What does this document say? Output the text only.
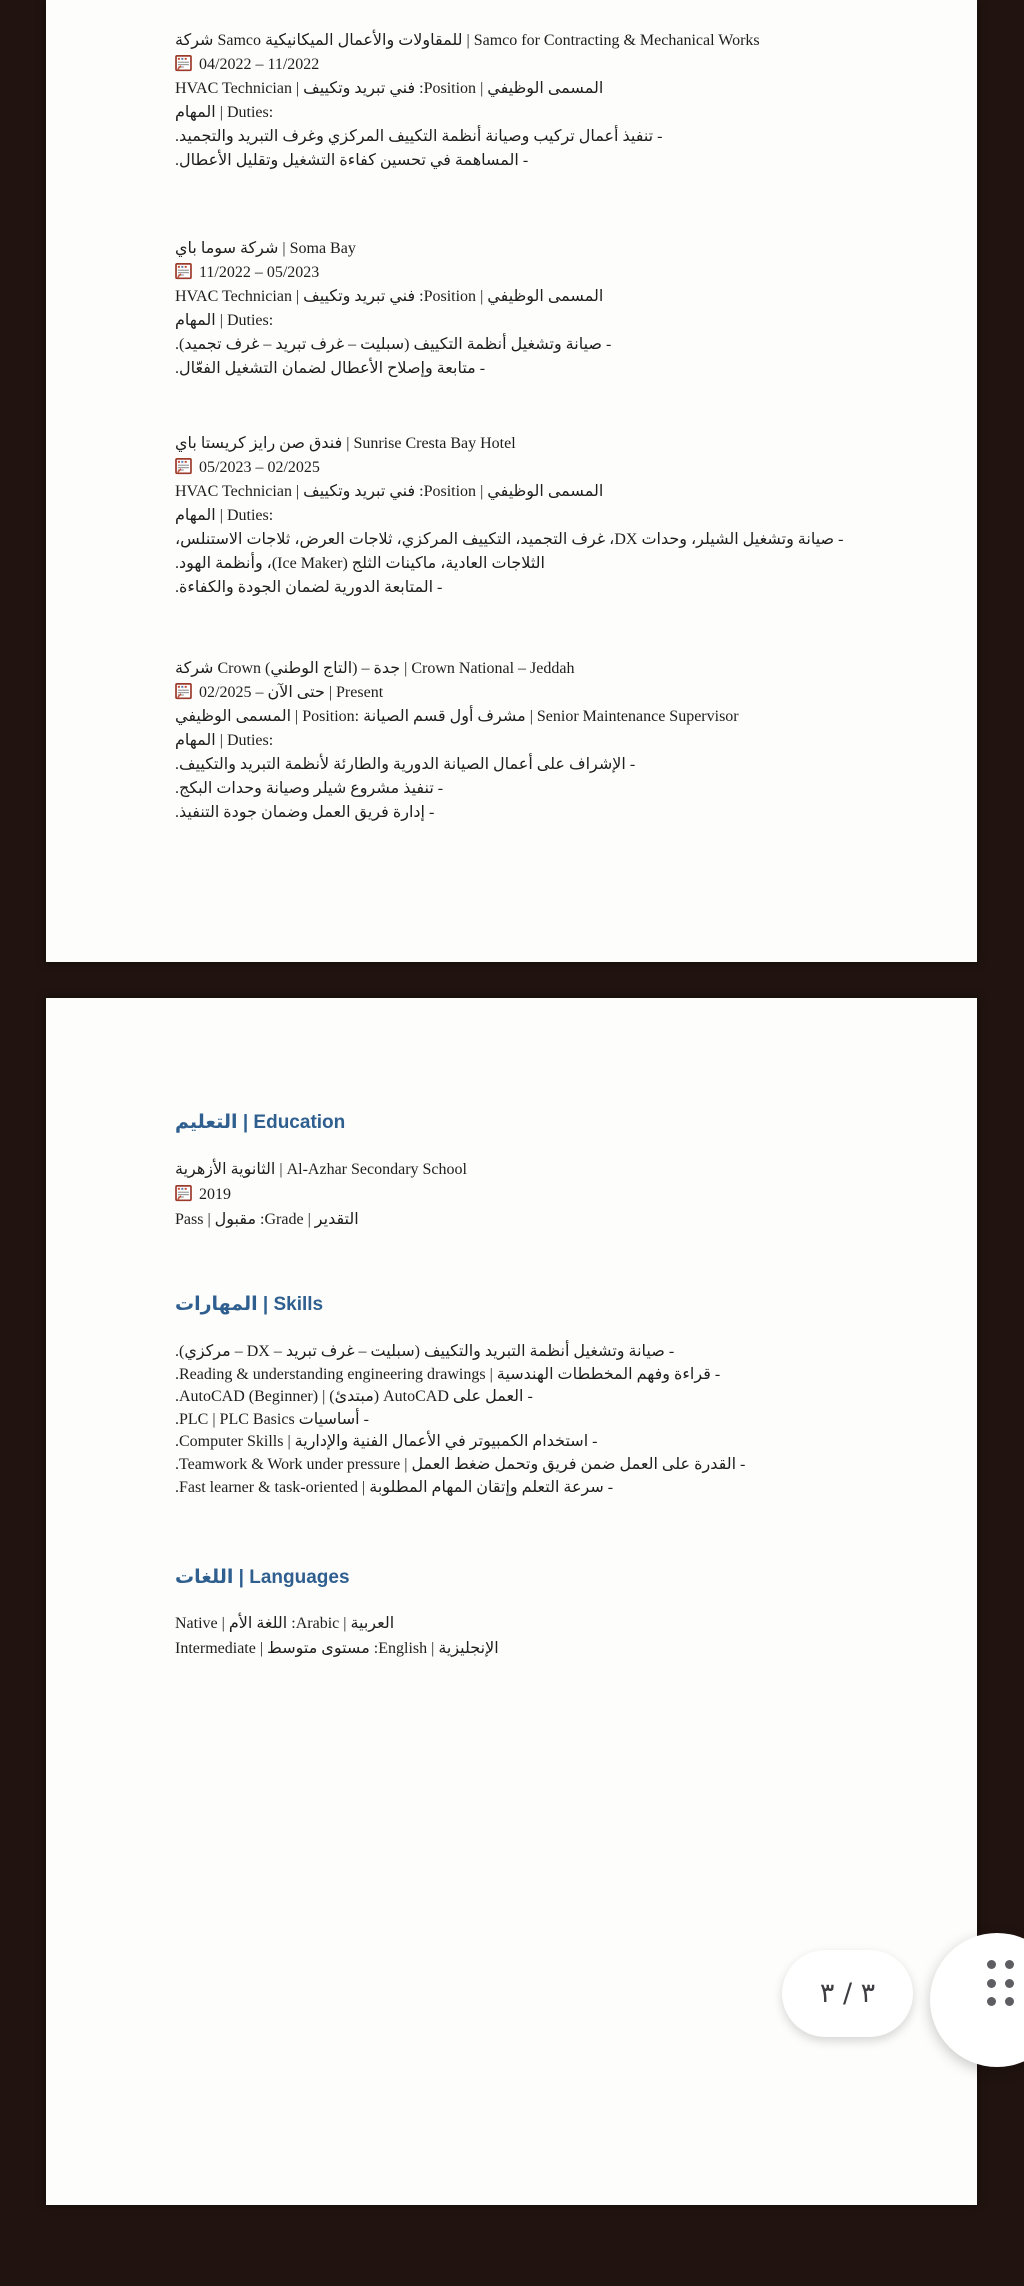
شركة Samco للمقاولات والأعمال الميكانيكية | Samco for Contracting & Mechanical Works
04/2022 – 11/2022
المسمى الوظيفي | Position: فني تبريد وتكييف | HVAC Technician
المهام | Duties:
- تنفيذ أعمال تركيب وصيانة أنظمة التكييف المركزي وغرف التبريد والتجميد.
- المساهمة في تحسين كفاءة التشغيل وتقليل الأعطال.
شركة سوما باي | Soma Bay
11/2022 – 05/2023
المسمى الوظيفي | Position: فني تبريد وتكييف | HVAC Technician
المهام | Duties:
- صيانة وتشغيل أنظمة التكييف (سبليت – غرف تبريد – غرف تجميد).
- متابعة وإصلاح الأعطال لضمان التشغيل الفعّال.
فندق صن رايز كريستا باي | Sunrise Cresta Bay Hotel
05/2023 – 02/2025
المسمى الوظيفي | Position: فني تبريد وتكييف | HVAC Technician
المهام | Duties:
- صيانة وتشغيل الشيلر، وحدات DX، غرف التجميد، التكييف المركزي، ثلاجات العرض، ثلاجات الاستنلس، الثلاجات العادية، ماكينات الثلج (Ice Maker)، وأنظمة الهود.
- المتابعة الدورية لضمان الجودة والكفاءة.
شركة Crown (التاج الوطني) – جدة | Crown National – Jeddah
02/2025 – حتى الآن | Present
المسمى الوظيفي | Position: مشرف أول قسم الصيانة | Senior Maintenance Supervisor
المهام | Duties:
- الإشراف على أعمال الصيانة الدورية والطارئة لأنظمة التبريد والتكييف.
- تنفيذ مشروع شيلر وصيانة وحدات البكج.
- إدارة فريق العمل وضمان جودة التنفيذ.
التعليم | Education
الثانوية الأزهرية | Al-Azhar Secondary School
2019
التقدير | Grade: مقبول | Pass
المهارات | Skills
- صيانة وتشغيل أنظمة التبريد والتكييف (سبليت – غرف تبريد – DX – مركزي).
- قراءة وفهم المخططات الهندسية | Reading & understanding engineering drawings.
- العمل على AutoCAD (مبتدئ) | AutoCAD (Beginner).
- أساسيات PLC | PLC Basics.
- استخدام الكمبيوتر في الأعمال الفنية والإدارية | Computer Skills.
- القدرة على العمل ضمن فريق وتحمل ضغط العمل | Teamwork & Work under pressure.
- سرعة التعلم وإتقان المهام المطلوبة | Fast learner & task-oriented.
اللغات | Languages
العربية | Arabic: اللغة الأم | Native
الإنجليزية | English: مستوى متوسط | Intermediate
٣ / ٣
